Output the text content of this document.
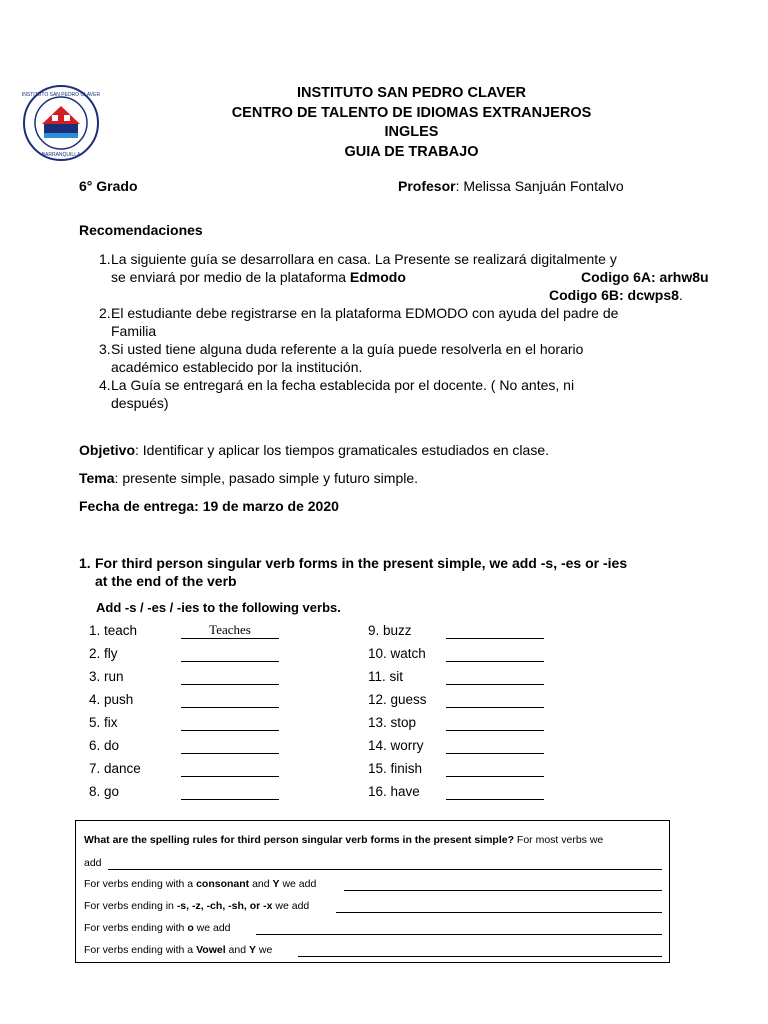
INSTITUTO SAN PEDRO CLAVER
BARRANQUILLA
INSTITUTO SAN PEDRO CLAVER
CENTRO DE TALENTO DE IDIOMAS EXTRANJEROS
INGLES
GUIA DE TRABAJO
6° Grado	Profesor: Melissa Sanjuán Fontalvo
Recomendaciones
1. La siguiente guía se desarrollara en casa. La Presente se realizará digitalmente y
se enviará por medio de la plataforma Edmodo	Codigo 6A: arhw8u
Codigo 6B: dcwps8.
2. El estudiante debe registrarse en la plataforma EDMODO con ayuda del padre de
Familia
3. Si usted tiene alguna duda referente a la guía puede resolverla en el horario
académico establecido por la institución.
4. La Guía se entregará en la fecha establecida por el docente. ( No antes, ni
después)
Objetivo: Identificar y aplicar los tiempos gramaticales estudiados en clase.
Tema: presente simple, pasado simple y futuro simple.
Fecha de entrega: 19 de marzo de 2020
1. For third person singular verb forms in the present simple, we add -s, -es or -ies
at the end of the verb
Add -s / -es / -ies to the following verbs.
1. teach	Teaches
2. fly
3. run
4. push
5. fix
6. do
7. dance
8. go
9. buzz
10. watch
11. sit
12. guess
13. stop
14. worry
15. finish
16. have
What are the spelling rules for third person singular verb forms in the present simple? For most verbs we
add
For verbs ending with a consonant and Y we add
For verbs ending in -s, -z, -ch, -sh, or -x we add
For verbs ending with o we add
For verbs ending with a Vowel and Y we
